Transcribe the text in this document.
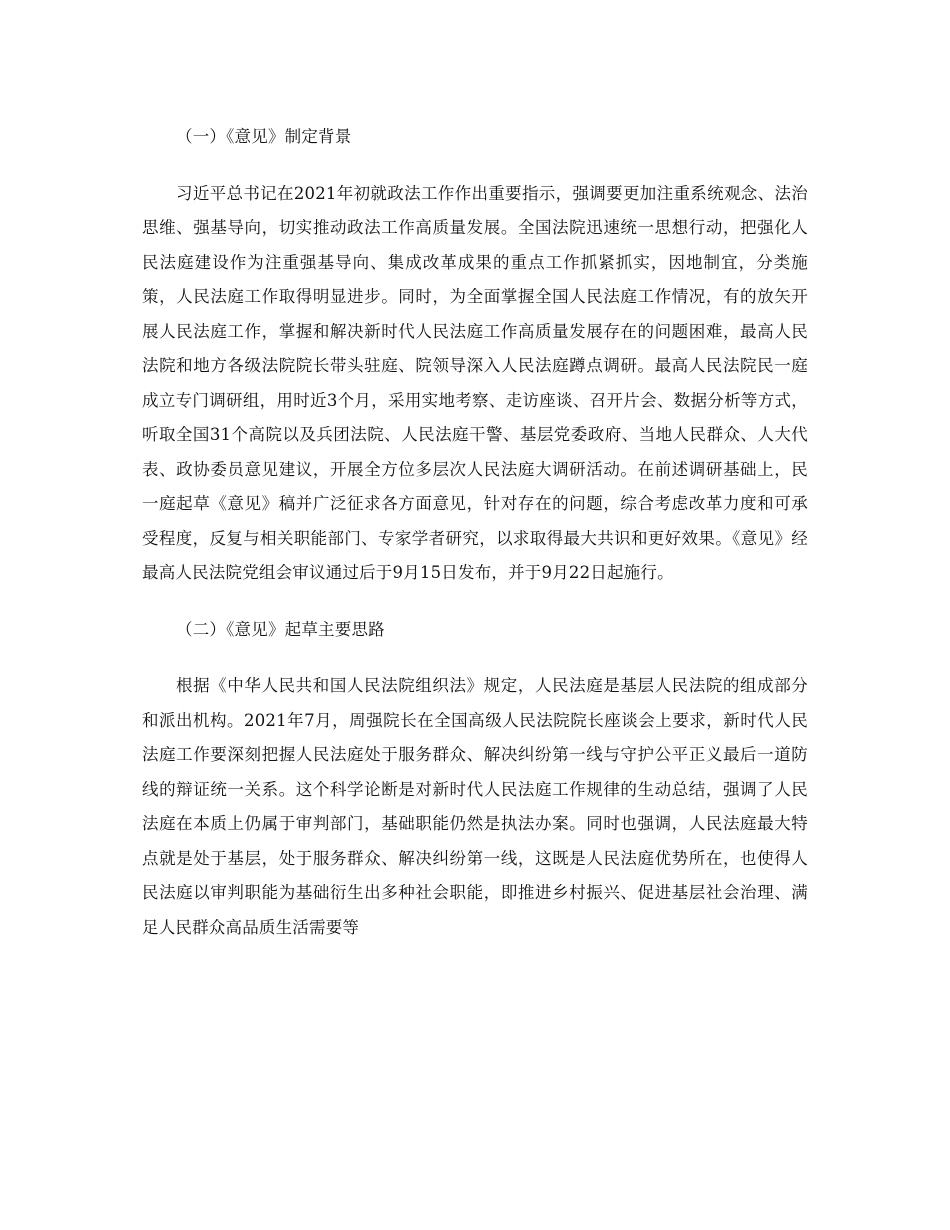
（一）《意见》制定背景

习近平总书记在2021年初就政法工作作出重要指示，强调要更加注重系统观念、法治思维、强基导向，切实推动政法工作高质量发展。全国法院迅速统一思想行动，把强化人民法庭建设作为注重强基导向、集成改革成果的重点工作抓紧抓实，因地制宜，分类施策，人民法庭工作取得明显进步。同时，为全面掌握全国人民法庭工作情况，有的放矢开展人民法庭工作，掌握和解决新时代人民法庭工作高质量发展存在的问题困难，最高人民法院和地方各级法院院长带头驻庭、院领导深入人民法庭蹲点调研。最高人民法院民一庭成立专门调研组，用时近3个月，采用实地考察、走访座谈、召开片会、数据分析等方式，听取全国31个高院以及兵团法院、人民法庭干警、基层党委政府、当地人民群众、人大代表、政协委员意见建议，开展全方位多层次人民法庭大调研活动。在前述调研基础上，民一庭起草《意见》稿并广泛征求各方面意见，针对存在的问题，综合考虑改革力度和可承受程度，反复与相关职能部门、专家学者研究，以求取得最大共识和更好效果。《意见》经最高人民法院党组会审议通过后于9月15日发布，并于9月22日起施行。

（二）《意见》起草主要思路

根据《中华人民共和国人民法院组织法》规定，人民法庭是基层人民法院的组成部分和派出机构。2021年7月，周强院长在全国高级人民法院院长座谈会上要求，新时代人民法庭工作要深刻把握人民法庭处于服务群众、解决纠纷第一线与守护公平正义最后一道防线的辩证统一关系。这个科学论断是对新时代人民法庭工作规律的生动总结，强调了人民法庭在本质上仍属于审判部门，基础职能仍然是执法办案。同时也强调，人民法庭最大特点就是处于基层，处于服务群众、解决纠纷第一线，这既是人民法庭优势所在，也使得人民法庭以审判职能为基础衍生出多种社会职能，即推进乡村振兴、促进基层社会治理、满足人民群众高品质生活需要等
